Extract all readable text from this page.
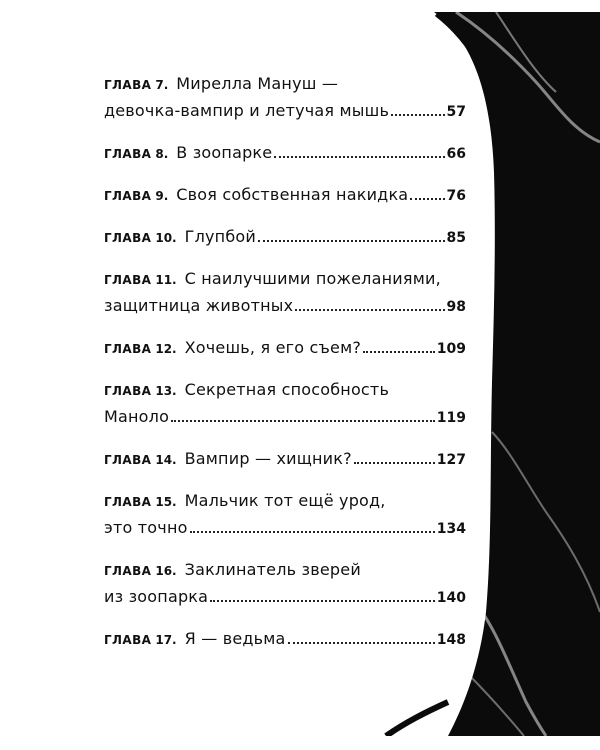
ГЛАВА 7. Мирелла Мануш —
девочка-вампир и летучая мышь	57
ГЛАВА 8. В зоопарке	66
ГЛАВА 9. Своя собственная накидка	76
ГЛАВА 10. Глупбой	85
ГЛАВА 11. С наилучшими пожеланиями,
защитница животных	98
ГЛАВА 12. Хочешь, я его съем?	109
ГЛАВА 13. Секретная способность
Маноло	119
ГЛАВА 14. Вампир — хищник?	127
ГЛАВА 15. Мальчик тот ещё урод,
это точно	134
ГЛАВА 16. Заклинатель зверей
из зоопарка	140
ГЛАВА 17. Я — ведьма	148
